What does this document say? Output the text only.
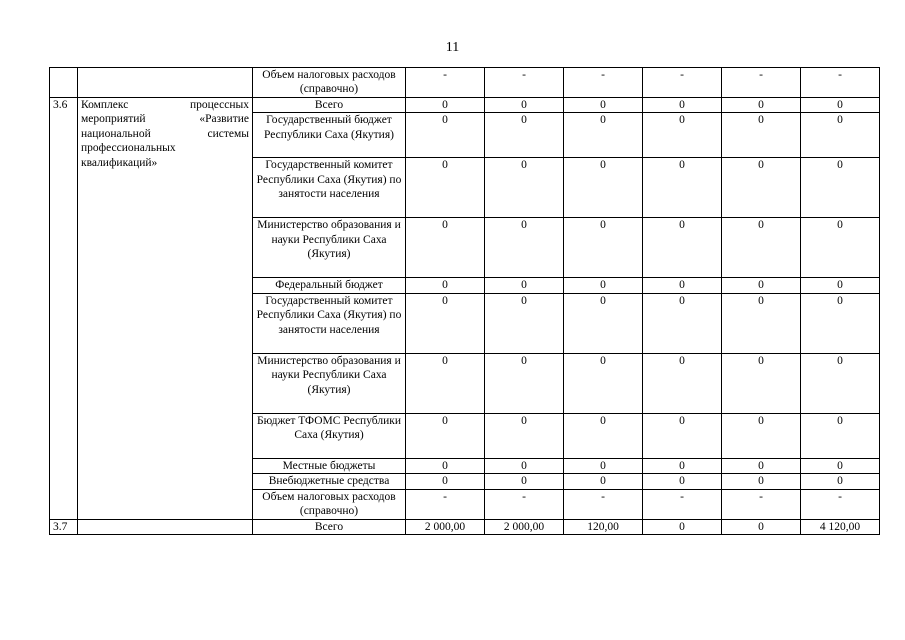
11
		Объем налоговых расходов (справочно)	-	-	-	-	-	-
3.6	Комплекс процессных мероприятий «Развитие национальной системы профессиональных квалификаций»	Всего	0	0	0	0	0	0
		Государственный бюджет Республики Саха (Якутия)	0	0	0	0	0	0
		Государственный комитет Республики Саха (Якутия) по занятости населения	0	0	0	0	0	0
		Министерство образования и науки Республики Саха (Якутия)	0	0	0	0	0	0
		Федеральный бюджет	0	0	0	0	0	0
		Государственный комитет Республики Саха (Якутия) по занятости населения	0	0	0	0	0	0
		Министерство образования и науки Республики Саха (Якутия)	0	0	0	0	0	0
		Бюджет ТФОМС Республики Саха (Якутия)	0	0	0	0	0	0
		Местные бюджеты	0	0	0	0	0	0
		Внебюджетные средства	0	0	0	0	0	0
		Объем налоговых расходов (справочно)	-	-	-	-	-	-
3.7		Всего	2 000,00	2 000,00	120,00	0	0	4 120,00
